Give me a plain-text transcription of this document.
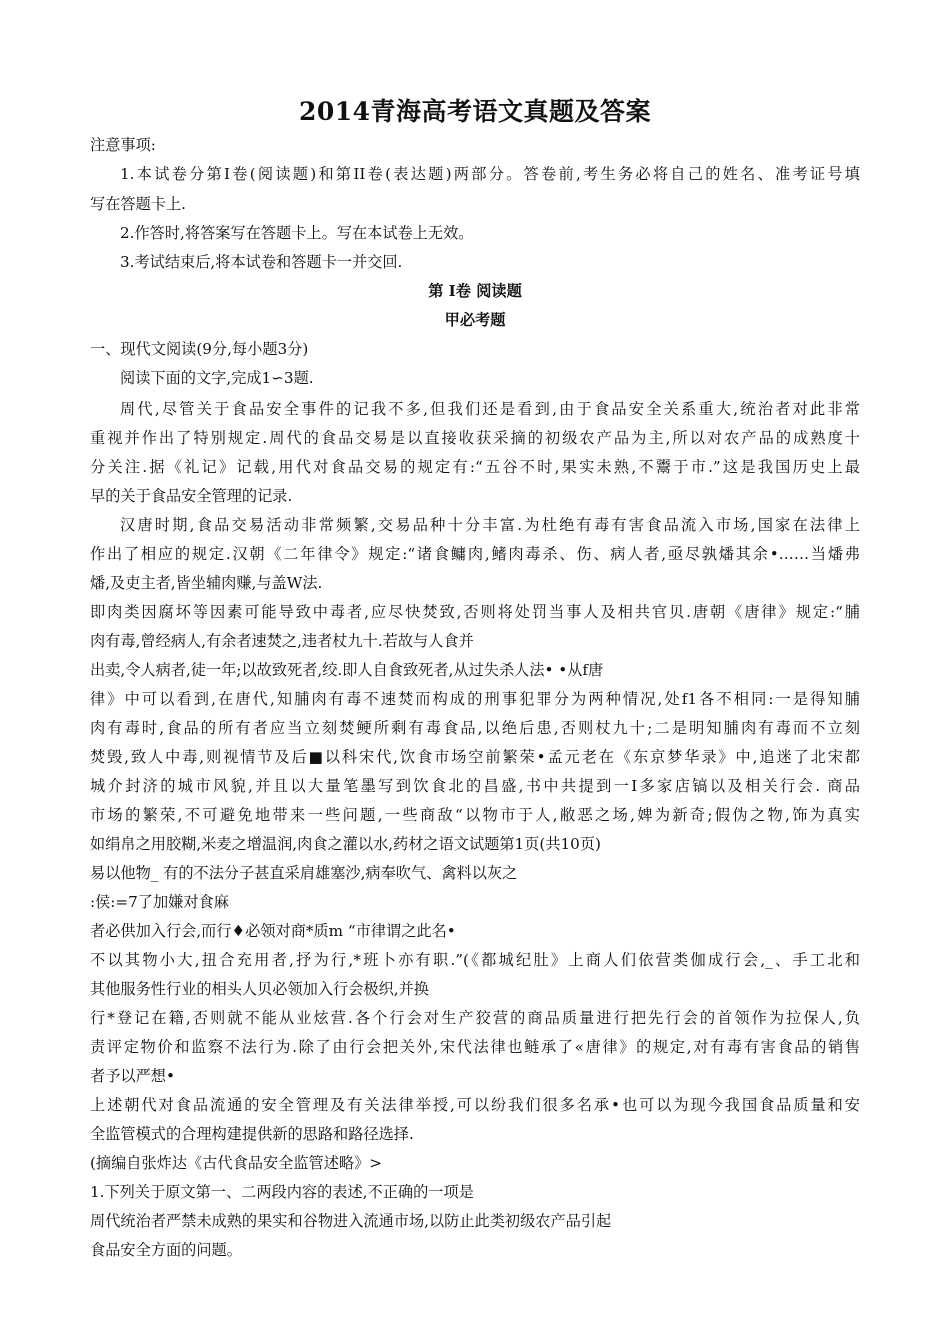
2014青海高考语文真题及答案
注意事项:
1.本试卷分第Ⅰ卷(阅读题)和第II卷(表达题)两部分。答卷前,考生务必将自己的姓名、准考证号填
写在答题卡上.
2.作答时,将答案写在答题卡上。写在本试卷上无效。
3.考试结束后,将本试卷和答题卡一并交回.
第 Ⅰ卷 阅读题
甲必考题
一、现代文阅读(9分,每小题3分)
阅读下面的文字,完成1∽3题.
周代,尽管关于食品安全事件的记我不多,但我们还是看到,由于食品安全关系重大,统治者对此非常
重视并作出了特别规定.周代的食品交易是以直接收获采摘的初级农产品为主,所以对农产品的成熟度十
分关注.据《礼记》记载,用代对食品交易的规定有:“五谷不时,果实未熟,不鬻于市.”这是我国历史上最
早的关于食品安全管理的记录.
汉唐时期,食品交易活动非常频繁,交易品种十分丰富.为杜绝有毒有害食品流入市场,国家在法律上
作出了相应的规定.汉朝《二年律令》规定:“诸食鳙肉,鳍肉毒杀、伤、病人者,亟尽孰燔其余•……当燔弗
燔,及吏主者,皆坐辅肉赚,与盖W法.
即肉类因腐坏等因素可能导致中毒者,应尽快焚致,否则将处罚当事人及相共官贝.唐朝《唐律》规定:“脯
肉有毒,曾经病人,有余者速焚之,违者杖九十.若故与人食并
出卖,令人病者,徒一年;以故致死者,绞.即人自食致死者,从过失杀人法• •从f唐
律》中可以看到,在唐代,知脯肉有毒不速焚而构成的刑事犯罪分为两种情况,处f1各不相同:一是得知脯
肉有毒时,食品的所有者应当立刻焚鲠所剩有毒食品,以绝后患,否则杖九十;二是明知脯肉有毒而不立刻
焚毁,致人中毒,则视情节及后■以科宋代,饮食市场空前繁荣•孟元老在《东京梦华录》中,追迷了北宋都
城介封济的城市风貌,并且以大量笔墨写到饮食北的昌盛,书中共提到一Ⅰ多家店镐以及相关行会. 商品
市场的繁荣,不可避免地带来一些问题,一些商敌“以物市于人,敝恶之场,婢为新奇;假伪之物,饰为真实
如绢帛之用胶糊,米麦之增温润,肉食之灌以水,药材之语文试题第1页(共10页)
易以他物_ 有的不法分子甚直采肩雄塞沙,病奉吹气、禽料以灰之
:侯:=7了加嫌对食麻
者必供加入行会,而行♦必领对商*质m “市律谓之此名•
不以其物小大,扭合充用者,抒为行,*班卜亦有职.”(《都城纪肚》上商人们依营类伽成行会,_、手工北和
其他服务性行业的相头人贝必领加入行会极织,并换
行*登记在籍,否则就不能从业炫营.各个行会对生产狡营的商品质量进行把先行会的首领作为拉保人,负
责评定物价和监察不法行为.除了由行会把关外,宋代法律也鲢承了«唐律》的规定,对有毒有害食品的销售
者予以严想•
上述朝代对食品流通的安全管理及有关法律举授,可以纷我们很多名承•也可以为现今我国食品质量和安
全监管模式的合理构建提供新的思路和路径选择.
(摘编自张炸达《古代食品安全监管述略》>
1.下列关于原文第一、二两段内容的表述,不正确的一项是
周代统治者严禁未成熟的果实和谷物进入流通市场,以防止此类初级农产品引起
食品安全方面的问题。
